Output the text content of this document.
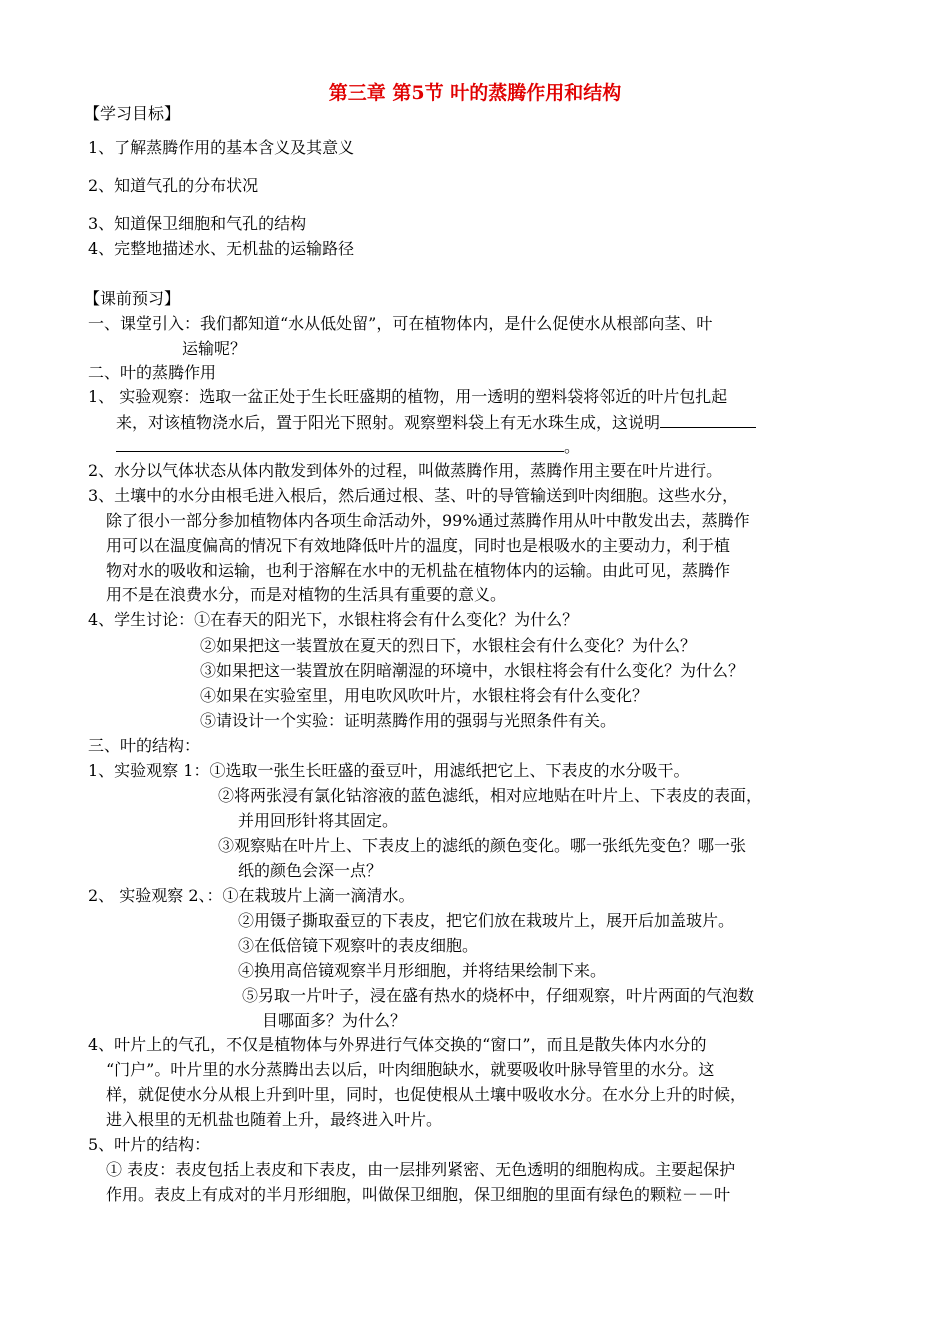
第三章 第5节 叶的蒸腾作用和结构
【学习目标】
1、了解蒸腾作用的基本含义及其意义
2、知道气孔的分布状况
3、知道保卫细胞和气孔的结构
4、完整地描述水、无机盐的运输路径
【课前预习】
一、课堂引入：我们都知道“水从低处留”，可在植物体内，是什么促使水从根部向茎、叶
运输呢？
二、叶的蒸腾作用
1、 实验观察：选取一盆正处于生长旺盛期的植物，用一透明的塑料袋将邻近的叶片包扎起
来，对该植物浇水后，置于阳光下照射。观察塑料袋上有无水珠生成，这说明
。
2、水分以气体状态从体内散发到体外的过程，叫做蒸腾作用，蒸腾作用主要在叶片进行。
3、土壤中的水分由根毛进入根后，然后通过根、茎、叶的导管输送到叶肉细胞。这些水分，
除了很小一部分参加植物体内各项生命活动外，99%通过蒸腾作用从叶中散发出去，蒸腾作
用可以在温度偏高的情况下有效地降低叶片的温度，同时也是根吸水的主要动力，利于植
物对水的吸收和运输，也利于溶解在水中的无机盐在植物体内的运输。由此可见，蒸腾作
用不是在浪费水分，而是对植物的生活具有重要的意义。
4、学生讨论：①在春天的阳光下，水银柱将会有什么变化？为什么？
②如果把这一装置放在夏天的烈日下，水银柱会有什么变化？为什么？
③如果把这一装置放在阴暗潮湿的环境中，水银柱将会有什么变化？为什么？
④如果在实验室里，用电吹风吹叶片，水银柱将会有什么变化？
⑤请设计一个实验：证明蒸腾作用的强弱与光照条件有关。
三、叶的结构：
1、实验观察 1：①选取一张生长旺盛的蚕豆叶，用滤纸把它上、下表皮的水分吸干。
②将两张浸有氯化钴溶液的蓝色滤纸，相对应地贴在叶片上、下表皮的表面，
并用回形针将其固定。
③观察贴在叶片上、下表皮上的滤纸的颜色变化。哪一张纸先变色？哪一张
纸的颜色会深一点？
2、 实验观察 2、：①在栽玻片上滴一滴清水。
②用镊子撕取蚕豆的下表皮，把它们放在栽玻片上，展开后加盖玻片。
③在低倍镜下观察叶的表皮细胞。
④换用高倍镜观察半月形细胞，并将结果绘制下来。
⑤另取一片叶子，浸在盛有热水的烧杯中，仔细观察，叶片两面的气泡数
目哪面多？为什么？
4、叶片上的气孔，不仅是植物体与外界进行气体交换的“窗口”，而且是散失体内水分的
“门户”。叶片里的水分蒸腾出去以后，叶肉细胞缺水，就要吸收叶脉导管里的水分。这
样，就促使水分从根上升到叶里，同时，也促使根从土壤中吸收水分。在水分上升的时候，
进入根里的无机盐也随着上升，最终进入叶片。
5、叶片的结构：
① 表皮：表皮包括上表皮和下表皮，由一层排列紧密、无色透明的细胞构成。主要起保护
作用。表皮上有成对的半月形细胞，叫做保卫细胞，保卫细胞的里面有绿色的颗粒－－叶
